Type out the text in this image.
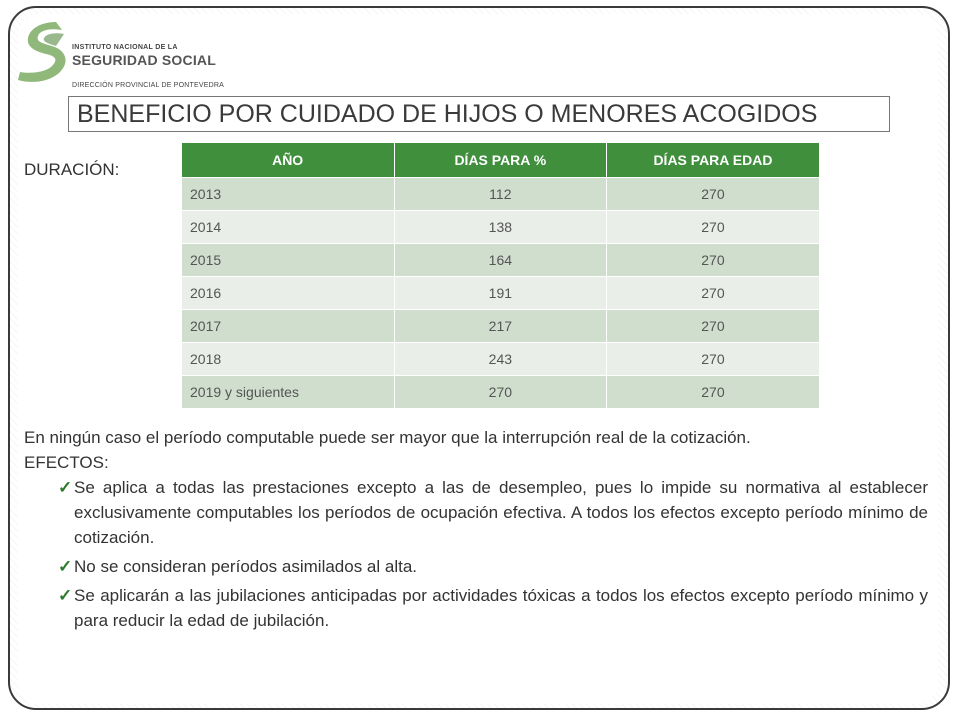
INSTITUTO NACIONAL DE LA
SEGURIDAD SOCIAL
DIRECCIÓN PROVINCIAL DE PONTEVEDRA
BENEFICIO POR CUIDADO DE HIJOS O MENORES ACOGIDOS
DURACIÓN:	AÑO	DÍAS PARA %	DÍAS PARA EDAD
2013	112	270
2014	138	270
2015	164	270
2016	191	270
2017	217	270
2018	243	270
2019 y siguientes	270	270

En ningún caso el período computable puede ser mayor que la interrupción real de la cotización.

EFECTOS:

✓ Se aplica a todas las prestaciones excepto a las de desempleo, pues lo impide su normativa al establecer exclusivamente computables los períodos de ocupación efectiva. A todos los efectos excepto período mínimo de cotización.
✓ No se consideran períodos asimilados al alta.
✓ Se aplicarán a las jubilaciones anticipadas por actividades tóxicas a todos los efectos excepto período mínimo y para reducir la edad de jubilación.
